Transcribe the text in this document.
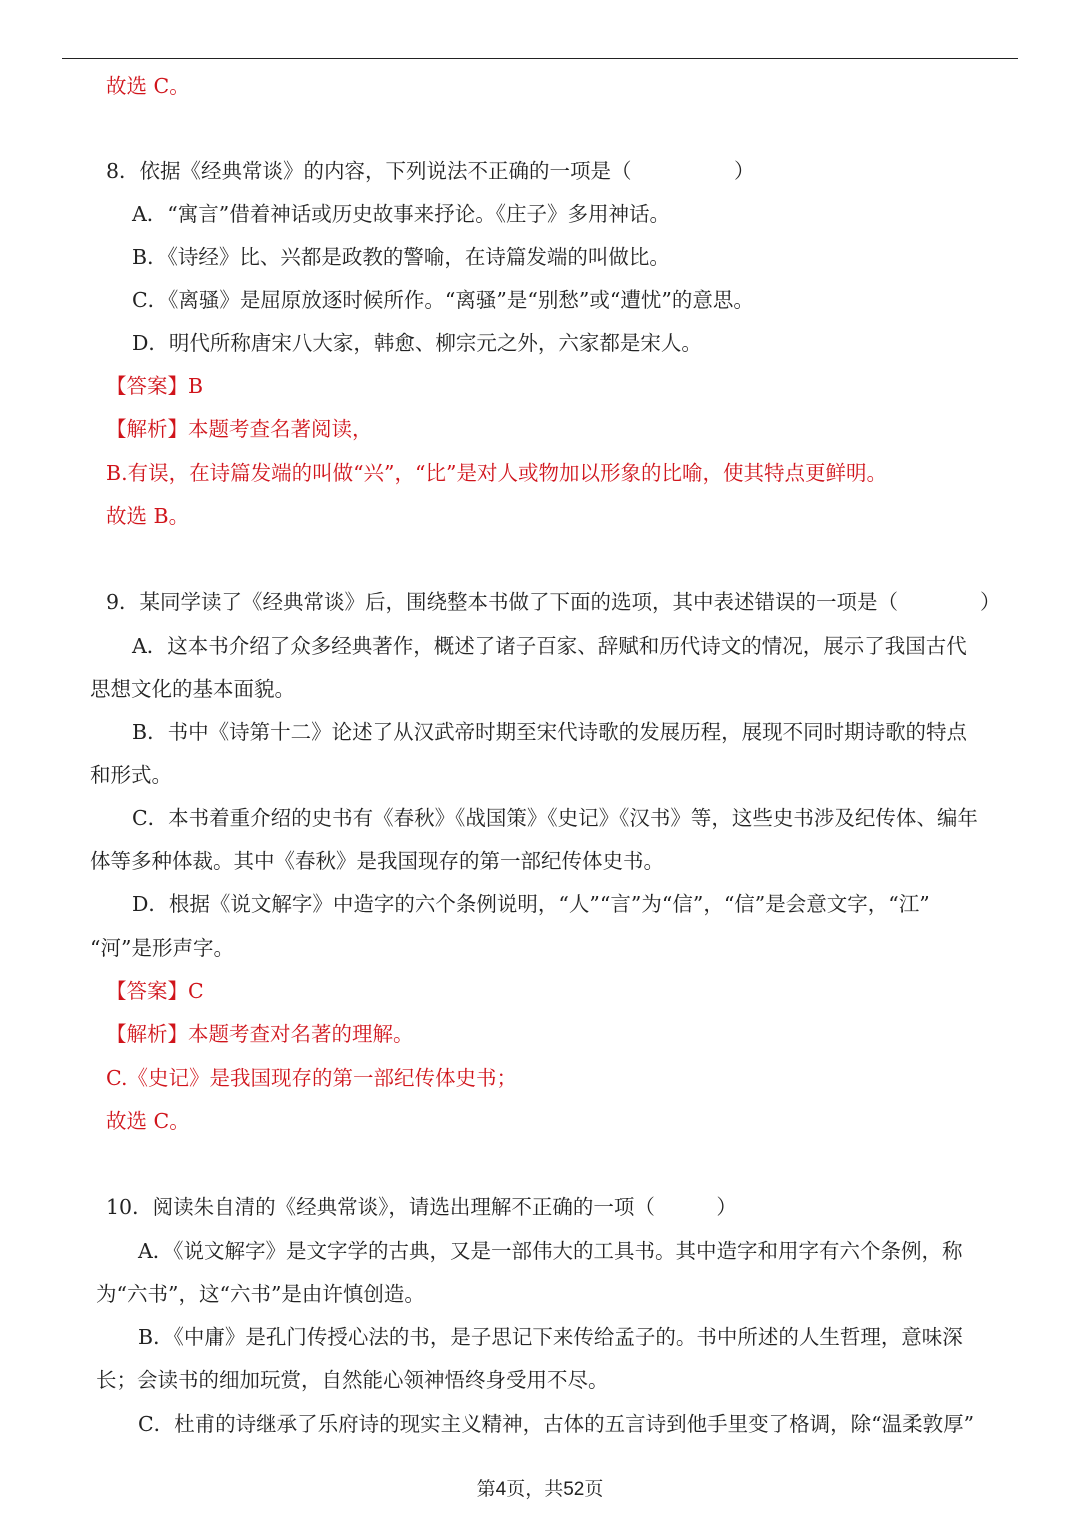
故选 C。
8．依据《经典常谈》的内容，下列说法不正确的一项是（　　　　　）
A．“寓言”借着神话或历史故事来抒论。《庄子》多用神话。
B．《诗经》比、兴都是政教的警喻，在诗篇发端的叫做比。
C．《离骚》是屈原放逐时候所作。“离骚”是“别愁”或“遭忧”的意思。
D．明代所称唐宋八大家，韩愈、柳宗元之外，六家都是宋人。
【答案】B
【解析】本题考查名著阅读，
B.有误，在诗篇发端的叫做“兴”，“比”是对人或物加以形象的比喻，使其特点更鲜明。
故选 B。
9．某同学读了《经典常谈》后，围绕整本书做了下面的选项，其中表述错误的一项是（　　　　）
A．这本书介绍了众多经典著作，概述了诸子百家、辞赋和历代诗文的情况，展示了我国古代
思想文化的基本面貌。
B．书中《诗第十二》论述了从汉武帝时期至宋代诗歌的发展历程，展现不同时期诗歌的特点
和形式。
C．本书着重介绍的史书有《春秋》《战国策》《史记》《汉书》等，这些史书涉及纪传体、编年
体等多种体裁。其中《春秋》是我国现存的第一部纪传体史书。
D．根据《说文解字》中造字的六个条例说明，“人”“言”为“信”，“信”是会意文字，“江”
“河”是形声字。
【答案】C
【解析】本题考查对名著的理解。
C.《史记》是我国现存的第一部纪传体史书；
故选 C。
10．阅读朱自清的《经典常谈》，请选出理解不正确的一项（　　　）
A．《说文解字》是文字学的古典，又是一部伟大的工具书。其中造字和用字有六个条例，称
为“六书”，这“六书”是由许慎创造。
B．《中庸》是孔门传授心法的书，是子思记下来传给孟子的。书中所述的人生哲理，意味深
长；会读书的细加玩赏，自然能心领神悟终身受用不尽。
C．杜甫的诗继承了乐府诗的现实主义精神，古体的五言诗到他手里变了格调，除“温柔敦厚”
第4页，共52页
